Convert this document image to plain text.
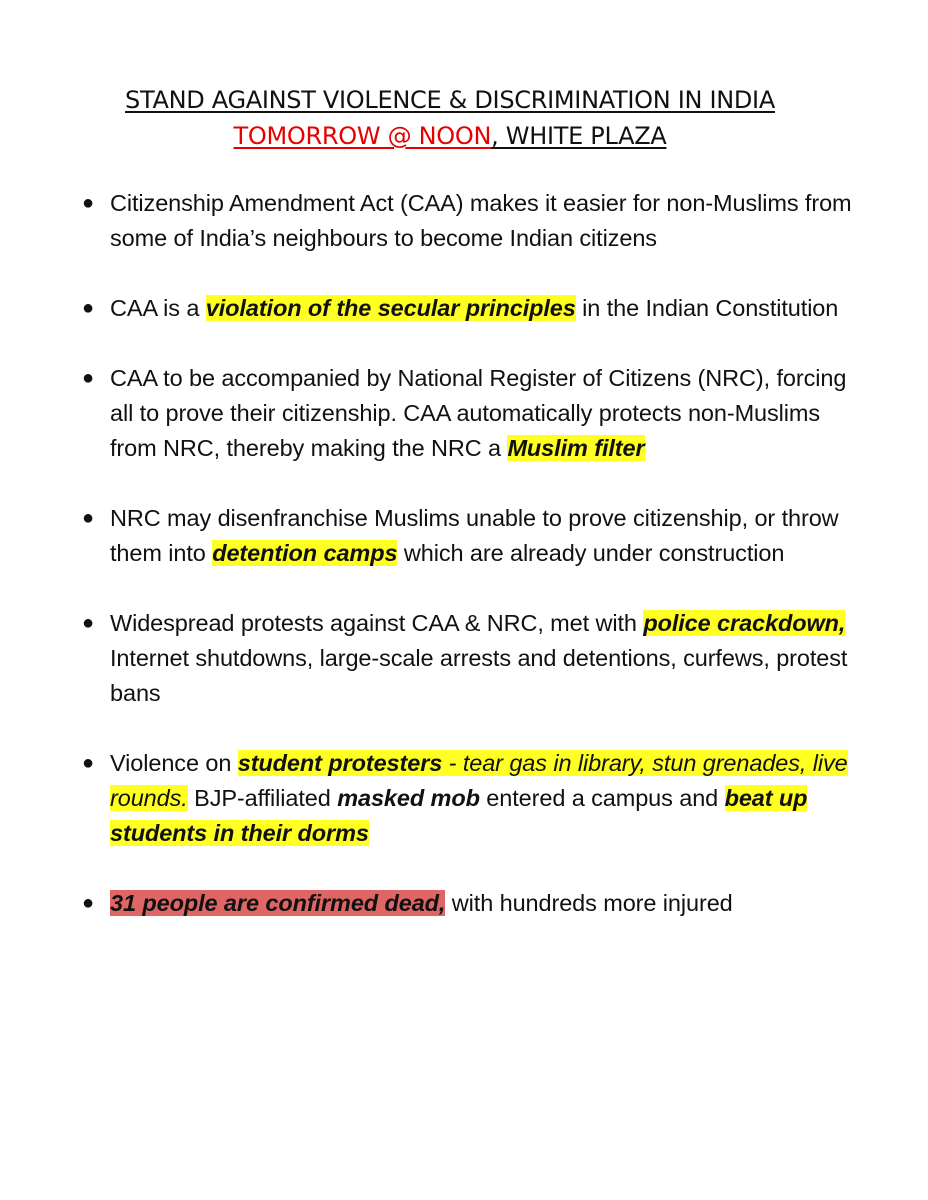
STAND AGAINST VIOLENCE & DISCRIMINATION IN INDIA
TOMORROW @ NOON, WHITE PLAZA
● Citizenship Amendment Act (CAA) makes it easier for non-Muslims from some of India’s neighbours to become Indian citizens
● CAA is a violation of the secular principles in the Indian Constitution
● CAA to be accompanied by National Register of Citizens (NRC), forcing all to prove their citizenship. CAA automatically protects non-Muslims from NRC, thereby making the NRC a Muslim filter
● NRC may disenfranchise Muslims unable to prove citizenship, or throw them into detention camps which are already under construction
● Widespread protests against CAA & NRC, met with police crackdown, Internet shutdowns, large-scale arrests and detentions, curfews, protest bans
● Violence on student protesters - tear gas in library, stun grenades, live rounds. BJP-affiliated masked mob entered a campus and beat up students in their dorms
● 31 people are confirmed dead, with hundreds more injured
